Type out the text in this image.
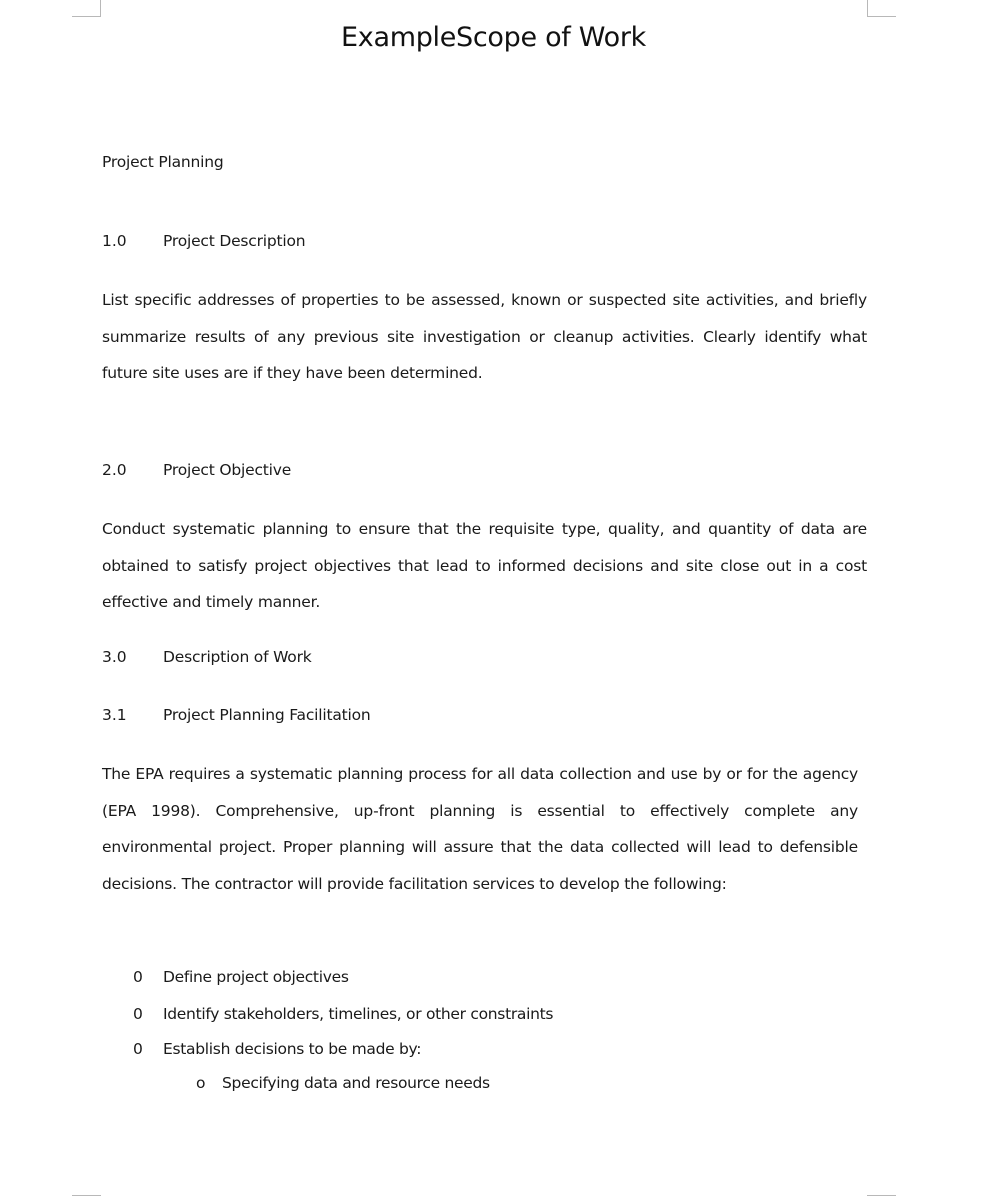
ExampleScope of Work
Project Planning
1.0 Project Description
List specific addresses of properties to be assessed, known or suspected site activities, and briefly summarize results of any previous site investigation or cleanup activities. Clearly identify what future site uses are if they have been determined.
2.0 Project Objective
Conduct systematic planning to ensure that the requisite type, quality, and quantity of data are obtained to satisfy project objectives that lead to informed decisions and site close out in a cost effective and timely manner.
3.0 Description of Work
3.1 Project Planning Facilitation
The EPA requires a systematic planning process for all data collection and use by or for the agency (EPA 1998). Comprehensive, up-front planning is essential to effectively complete any environmental project. Proper planning will assure that the data collected will lead to defensible decisions. The contractor will provide facilitation services to develop the following:
0 Define project objectives
0 Identify stakeholders, timelines, or other constraints
0 Establish decisions to be made by:
o Specifying data and resource needs
